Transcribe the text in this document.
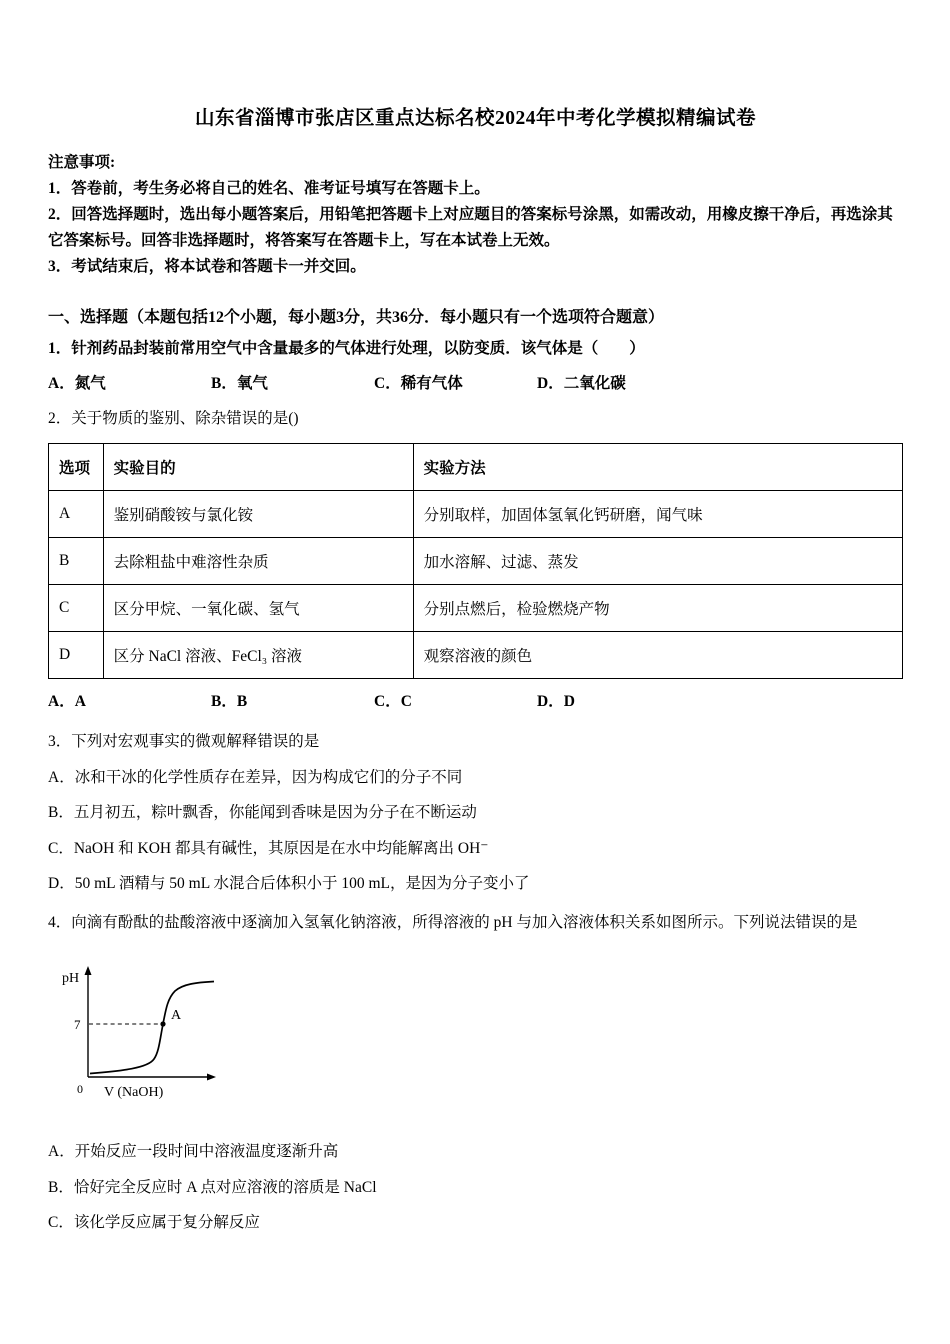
山东省淄博市张店区重点达标名校2024年中考化学模拟精编试卷
注意事项:

1．答卷前，考生务必将自己的姓名、准考证号填写在答题卡上。

2．回答选择题时，选出每小题答案后，用铅笔把答题卡上对应题目的答案标号涂黑，如需改动，用橡皮擦干净后，再选涂其它答案标号。回答非选择题时，将答案写在答题卡上，写在本试卷上无效。

3．考试结束后，将本试卷和答题卡一并交回。

一、选择题（本题包括12个小题，每小题3分，共36分．每小题只有一个选项符合题意）

1．针剂药品封装前常用空气中含量最多的气体进行处理，以防变质．该气体是（　　）

A．氮气	B．氧气	C．稀有气体	D．二氧化碳

2．关于物质的鉴别、除杂错误的是()

选项	实验目的	实验方法
A	鉴别硝酸铵与氯化铵	分别取样，加固体氢氧化钙研磨，闻气味
B	去除粗盐中难溶性杂质	加水溶解、过滤、蒸发
C	区分甲烷、一氧化碳、氢气	分别点燃后，检验燃烧产物
D	区分 NaCl 溶液、FeCl₃ 溶液	观察溶液的颜色
A．A	B．B	C．C	D．D

3．下列对宏观事实的微观解释错误的是

A．冰和干冰的化学性质存在差异，因为构成它们的分子不同

B．五月初五，粽叶飘香，你能闻到香味是因为分子在不断运动

C．NaOH 和 KOH 都具有碱性，其原因是在水中均能解离出 OH⁻

D．50 mL 酒精与 50 mL 水混合后体积小于 100 mL，是因为分子变小了

4．向滴有酚酞的盐酸溶液中逐滴加入氢氧化钠溶液，所得溶液的 pH 与加入溶液体积关系如图所示。下列说法错误的是

pH
7
A
0 V (NaOH)

A．开始反应一段时间中溶液温度逐渐升高

B．恰好完全反应时 A 点对应溶液的溶质是 NaCl

C．该化学反应属于复分解反应
